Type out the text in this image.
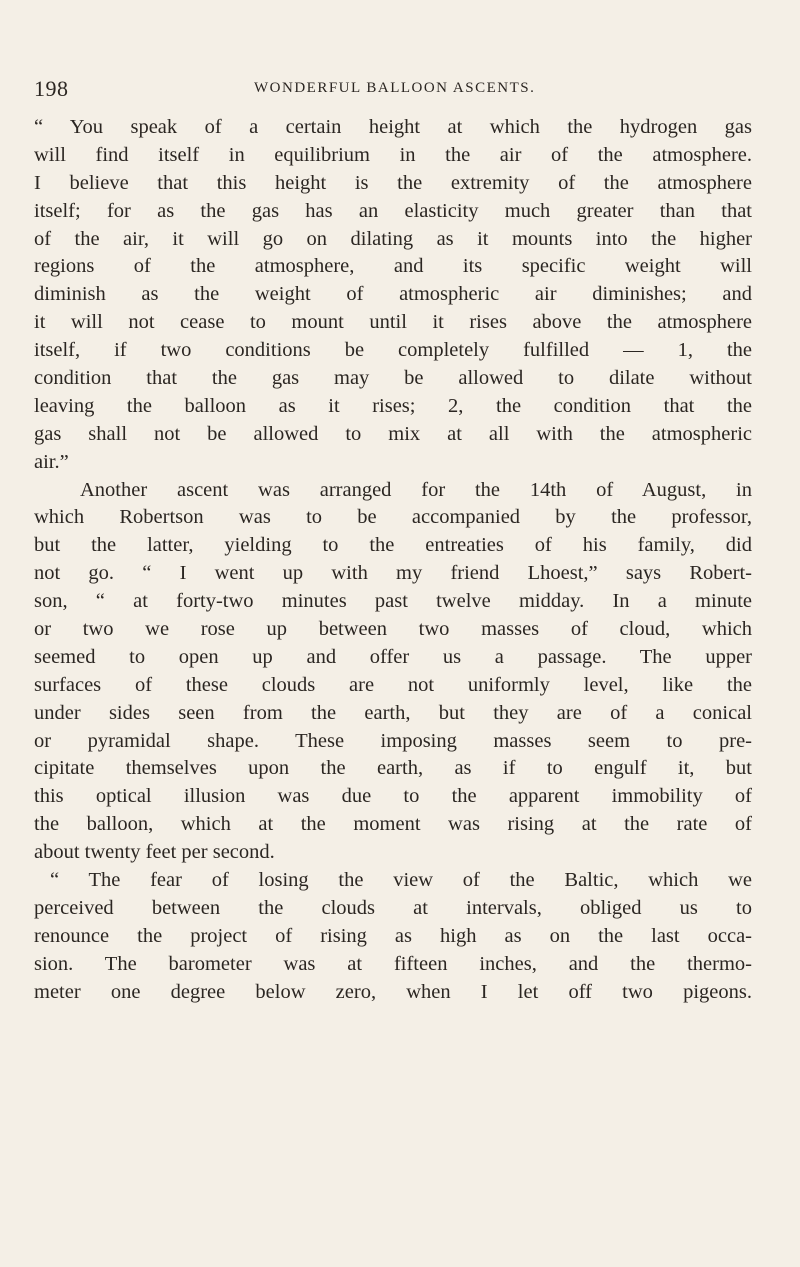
198	WONDERFUL BALLOON ASCENTS.
“ You speak of a certain height at which the hydrogen gas
will find itself in equilibrium in the air of the atmosphere.
I believe that this height is the extremity of the atmosphere
itself; for as the gas has an elasticity much greater than that
of the air, it will go on dilating as it mounts into the higher
regions of the atmosphere, and its specific weight will
diminish as the weight of atmospheric air diminishes; and
it will not cease to mount until it rises above the atmosphere
itself, if two conditions be completely fulfilled — 1, the
condition that the gas may be allowed to dilate without
leaving the balloon as it rises; 2, the condition that the
gas shall not be allowed to mix at all with the atmospheric
air.”
Another ascent was arranged for the 14th of August, in
which Robertson was to be accompanied by the professor,
but the latter, yielding to the entreaties of his family, did
not go. “ I went up with my friend Lhoest,” says Robert-
son, “ at forty-two minutes past twelve midday. In a minute
or two we rose up between two masses of cloud, which
seemed to open up and offer us a passage. The upper
surfaces of these clouds are not uniformly level, like the
under sides seen from the earth, but they are of a conical
or pyramidal shape. These imposing masses seem to pre-
cipitate themselves upon the earth, as if to engulf it, but
this optical illusion was due to the apparent immobility of
the balloon, which at the moment was rising at the rate of
about twenty feet per second.
“ The fear of losing the view of the Baltic, which we
perceived between the clouds at intervals, obliged us to
renounce the project of rising as high as on the last occa-
sion. The barometer was at fifteen inches, and the thermo-
meter one degree below zero, when I let off two pigeons.
